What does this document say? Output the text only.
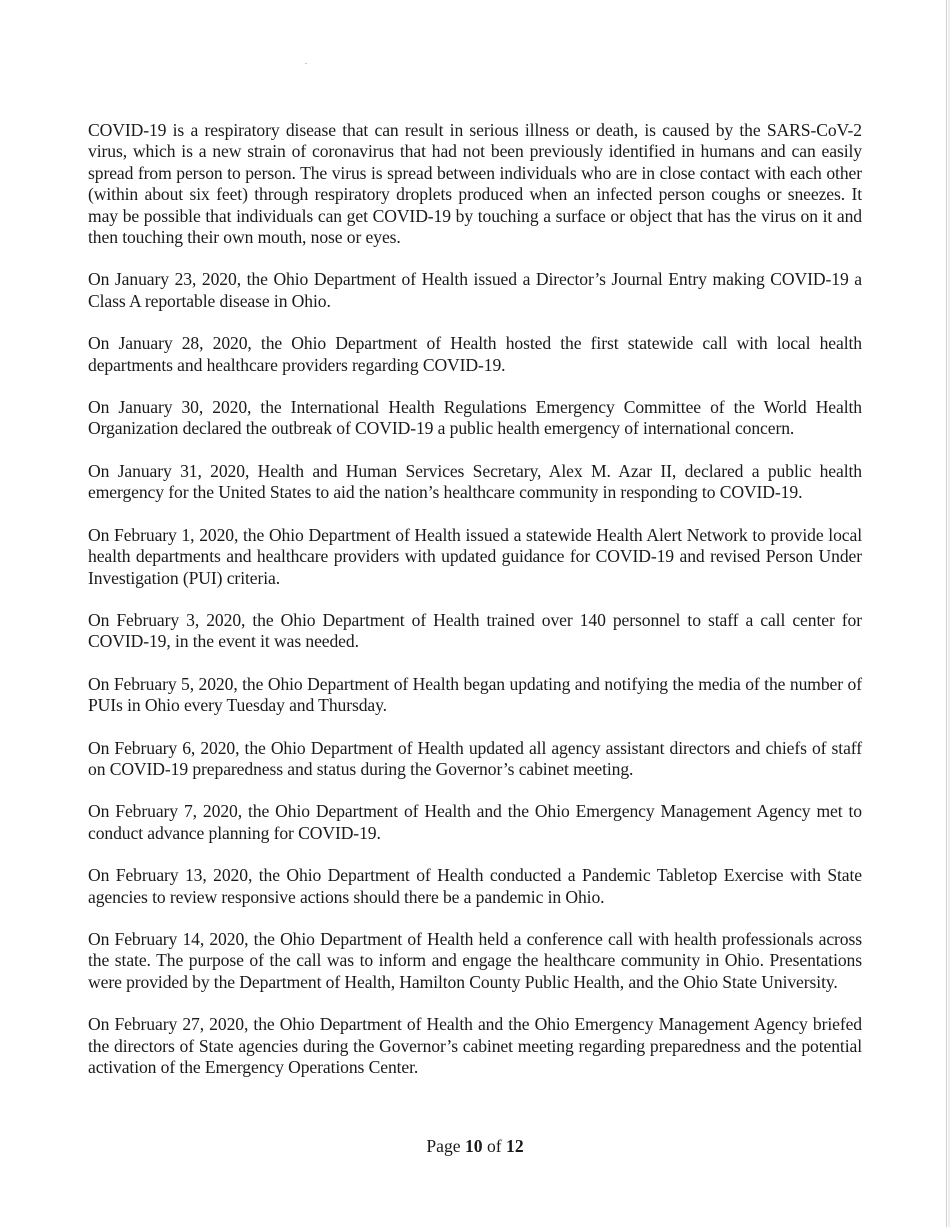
COVID-19 is a respiratory disease that can result in serious illness or death, is caused by the SARS-CoV-2 virus, which is a new strain of coronavirus that had not been previously identified in humans and can easily spread from person to person. The virus is spread between individuals who are in close contact with each other (within about six feet) through respiratory droplets produced when an infected person coughs or sneezes. It may be possible that individuals can get COVID-19 by touching a surface or object that has the virus on it and then touching their own mouth, nose or eyes.

On January 23, 2020, the Ohio Department of Health issued a Director’s Journal Entry making COVID-19 a Class A reportable disease in Ohio.

On January 28, 2020, the Ohio Department of Health hosted the first statewide call with local health departments and healthcare providers regarding COVID-19.

On January 30, 2020, the International Health Regulations Emergency Committee of the World Health Organization declared the outbreak of COVID-19 a public health emergency of international concern.

On January 31, 2020, Health and Human Services Secretary, Alex M. Azar II, declared a public health emergency for the United States to aid the nation’s healthcare community in responding to COVID-19.

On February 1, 2020, the Ohio Department of Health issued a statewide Health Alert Network to provide local health departments and healthcare providers with updated guidance for COVID-19 and revised Person Under Investigation (PUI) criteria.

On February 3, 2020, the Ohio Department of Health trained over 140 personnel to staff a call center for COVID-19, in the event it was needed.

On February 5, 2020, the Ohio Department of Health began updating and notifying the media of the number of PUIs in Ohio every Tuesday and Thursday.

On February 6, 2020, the Ohio Department of Health updated all agency assistant directors and chiefs of staff on COVID-19 preparedness and status during the Governor’s cabinet meeting.

On February 7, 2020, the Ohio Department of Health and the Ohio Emergency Management Agency met to conduct advance planning for COVID-19.

On February 13, 2020, the Ohio Department of Health conducted a Pandemic Tabletop Exercise with State agencies to review responsive actions should there be a pandemic in Ohio.

On February 14, 2020, the Ohio Department of Health held a conference call with health professionals across the state. The purpose of the call was to inform and engage the healthcare community in Ohio. Presentations were provided by the Department of Health, Hamilton County Public Health, and the Ohio State University.

On February 27, 2020, the Ohio Department of Health and the Ohio Emergency Management Agency briefed the directors of State agencies during the Governor’s cabinet meeting regarding preparedness and the potential activation of the Emergency Operations Center.

Page 10 of 12
